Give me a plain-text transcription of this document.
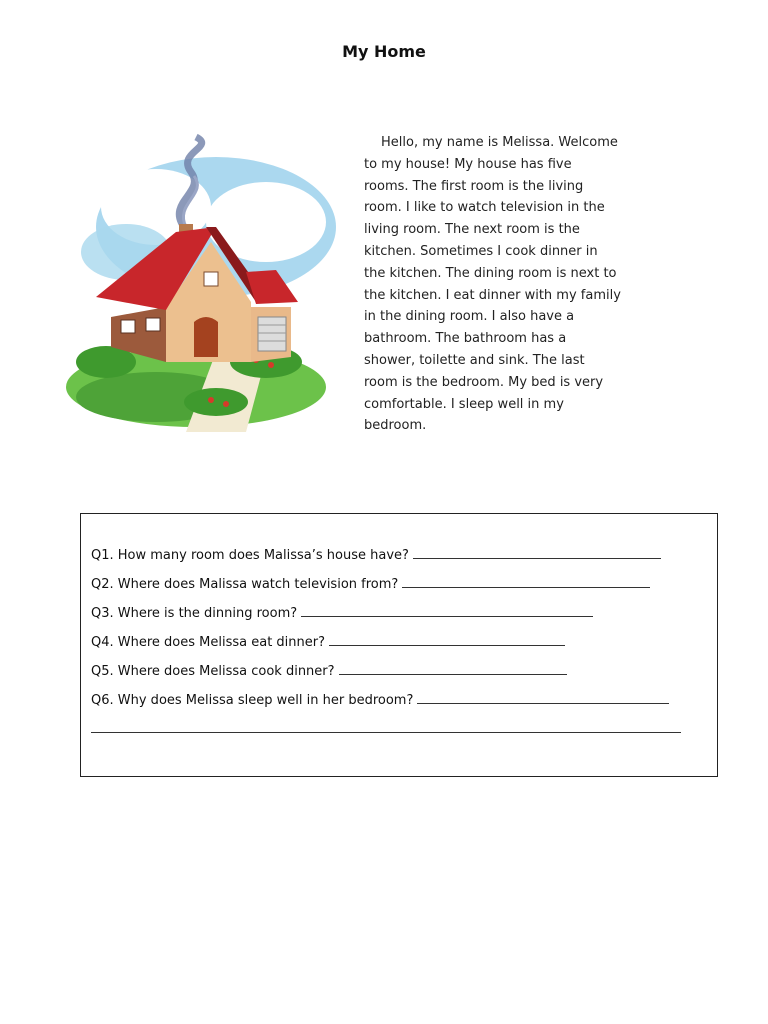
My Home
Hello, my name is Melissa. Welcome
to my house! My house has five
rooms. The first room is the living
room. I like to watch television in the
living room. The next room is the
kitchen. Sometimes I cook dinner in
the kitchen. The dining room is next to
the kitchen. I eat dinner with my family
in the dining room. I also have a
bathroom. The bathroom has a
shower, toilette and sink. The last
room is the bedroom. My bed is very
comfortable. I sleep well in my
bedroom.
Q1. How many room does Malissa’s house have?
Q2. Where does Malissa watch television from?
Q3. Where is the dinning room?
Q4. Where does Melissa eat dinner?
Q5. Where does Melissa cook dinner?
Q6. Why does Melissa sleep well in her bedroom?
